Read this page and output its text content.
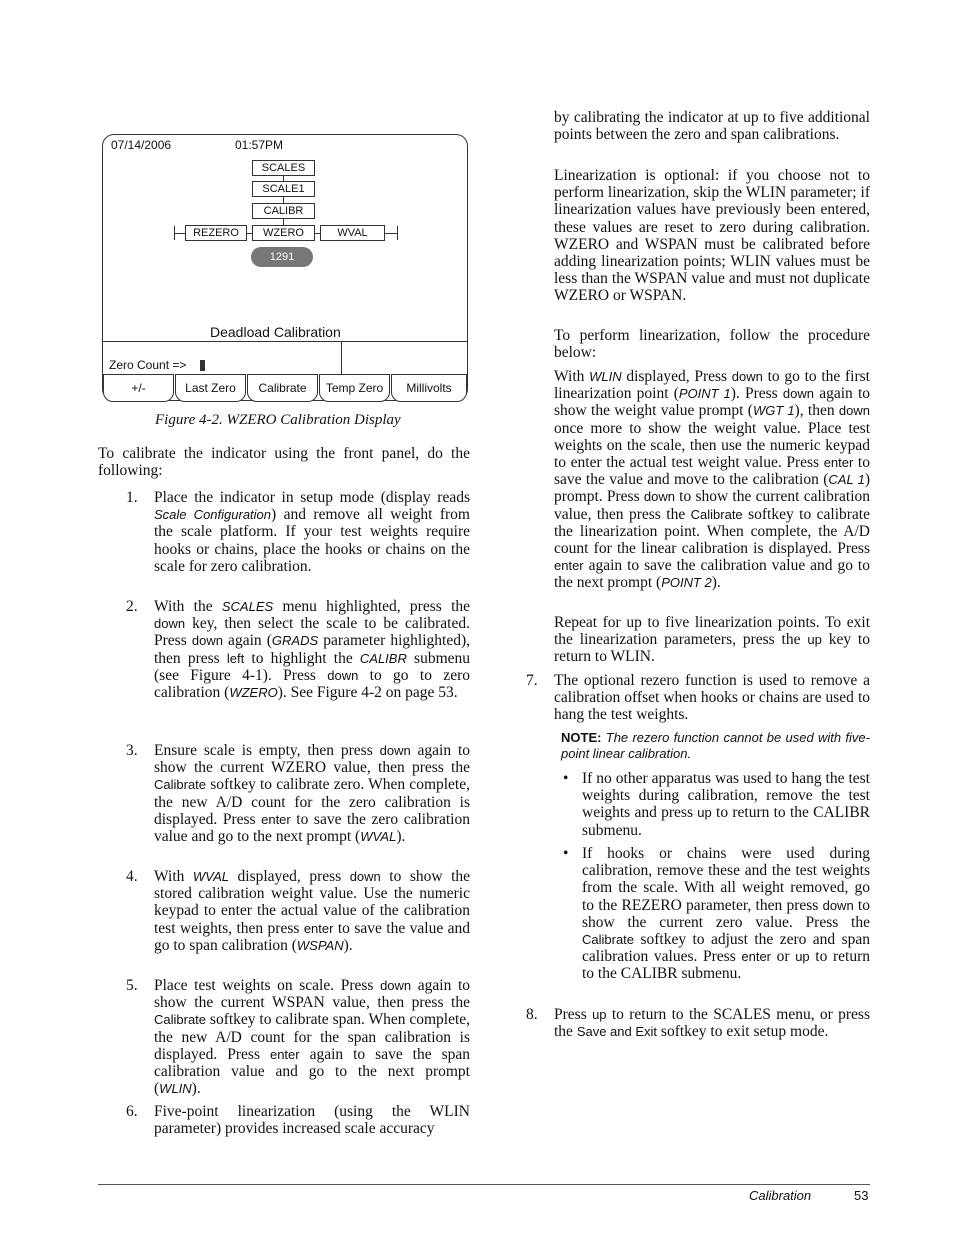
07/14/2006	01:57PM
SCALES
SCALE1
CALIBR
REZERO	WZERO	WVAL
1291
Deadload Calibration
Zero Count =>
+/-	Last Zero	Calibrate	Temp Zero	Millivolts
Figure 4-2. WZERO Calibration Display
To calibrate the indicator using the front panel, do the following:
1. Place the indicator in setup mode (display reads Scale Configuration) and remove all weight from the scale platform. If your test weights require hooks or chains, place the hooks or chains on the scale for zero calibration.
2. With the SCALES menu highlighted, press the down key, then select the scale to be calibrated. Press down again (GRADS parameter highlighted), then press left to highlight the CALIBR submenu (see Figure 4-1). Press down to go to zero calibration (WZERO). See Figure 4-2 on page 53.
3. Ensure scale is empty, then press down again to show the current WZERO value, then press the Calibrate softkey to calibrate zero. When complete, the new A/D count for the zero calibration is displayed. Press enter to save the zero calibration value and go to the next prompt (WVAL).
4. With WVAL displayed, press down to show the stored calibration weight value. Use the numeric keypad to enter the actual value of the calibration test weights, then press enter to save the value and go to span calibration (WSPAN).
5. Place test weights on scale. Press down again to show the current WSPAN value, then press the Calibrate softkey to calibrate span. When complete, the new A/D count for the span calibration is displayed. Press enter again to save the span calibration value and go to the next prompt (WLIN).
6. Five-point linearization (using the WLIN parameter) provides increased scale accuracy
by calibrating the indicator at up to five additional points between the zero and span calibrations.
Linearization is optional: if you choose not to perform linearization, skip the WLIN parameter; if linearization values have previously been entered, these values are reset to zero during calibration. WZERO and WSPAN must be calibrated before adding linearization points; WLIN values must be less than the WSPAN value and must not duplicate WZERO or WSPAN.
To perform linearization, follow the procedure below:
With WLIN displayed, Press down to go to the first linearization point (POINT 1). Press down again to show the weight value prompt (WGT 1), then down once more to show the weight value. Place test weights on the scale, then use the numeric keypad to enter the actual test weight value. Press enter to save the value and move to the calibration (CAL 1) prompt. Press down to show the current calibration value, then press the Calibrate softkey to calibrate the linearization point. When complete, the A/D count for the linear calibration is displayed. Press enter again to save the calibration value and go to the next prompt (POINT 2).
Repeat for up to five linearization points. To exit the linearization parameters, press the up key to return to WLIN.
7. The optional rezero function is used to remove a calibration offset when hooks or chains are used to hang the test weights.
NOTE: The rezero function cannot be used with five-point linear calibration.
• If no other apparatus was used to hang the test weights during calibration, remove the test weights and press up to return to the CALIBR submenu.
• If hooks or chains were used during calibration, remove these and the test weights from the scale. With all weight removed, go to the REZERO parameter, then press down to show the current zero value. Press the Calibrate softkey to adjust the zero and span calibration values. Press enter or up to return to the CALIBR submenu.
8. Press up to return to the SCALES menu, or press the Save and Exit softkey to exit setup mode.
Calibration	53
